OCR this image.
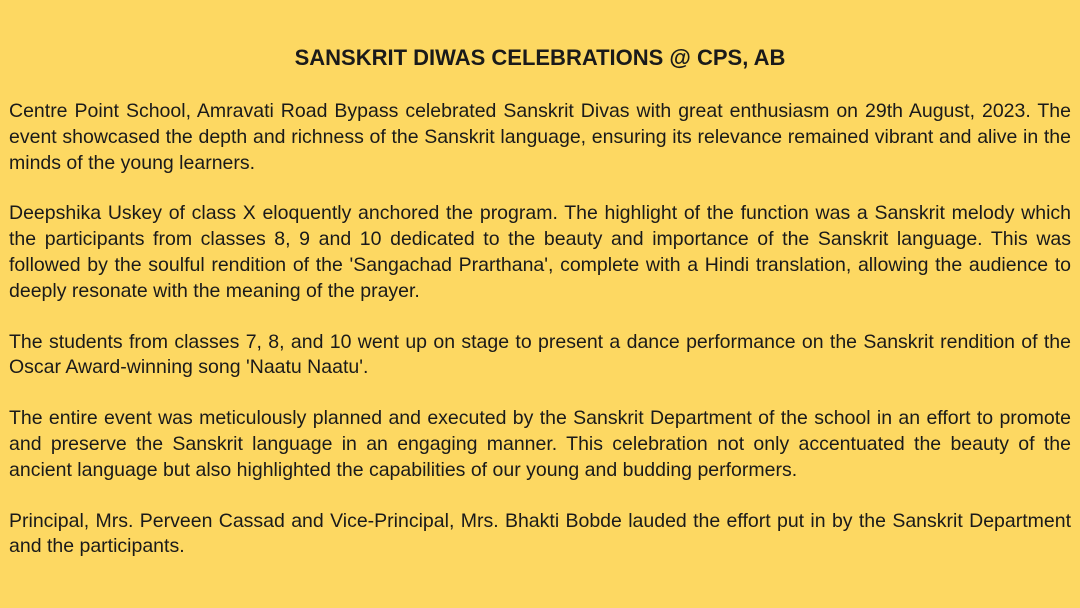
SANSKRIT DIWAS CELEBRATIONS @ CPS, AB

Centre Point School, Amravati Road Bypass celebrated Sanskrit Divas with great enthusiasm on 29th August, 2023. The event showcased the depth and richness of the Sanskrit language, ensuring its relevance remained vibrant and alive in the minds of the young learners.

Deepshika Uskey of class X eloquently anchored the program. The highlight of the function was a Sanskrit melody which the participants from classes 8, 9 and 10 dedicated to the beauty and importance of the Sanskrit language. This was followed by the soulful rendition of the 'Sangachad Prarthana', complete with a Hindi translation, allowing the audience to deeply resonate with the meaning of the prayer.

The students from classes 7, 8, and 10 went up on stage to present a dance performance on the Sanskrit rendition of the Oscar Award-winning song 'Naatu Naatu'.

The entire event was meticulously planned and executed by the Sanskrit Department of the school in an effort to promote and preserve the Sanskrit language in an engaging manner. This celebration not only accentuated the beauty of the ancient language but also highlighted the capabilities of our young and budding performers.

Principal, Mrs. Perveen Cassad and Vice-Principal, Mrs. Bhakti Bobde lauded the effort put in by the Sanskrit Department and the participants.
